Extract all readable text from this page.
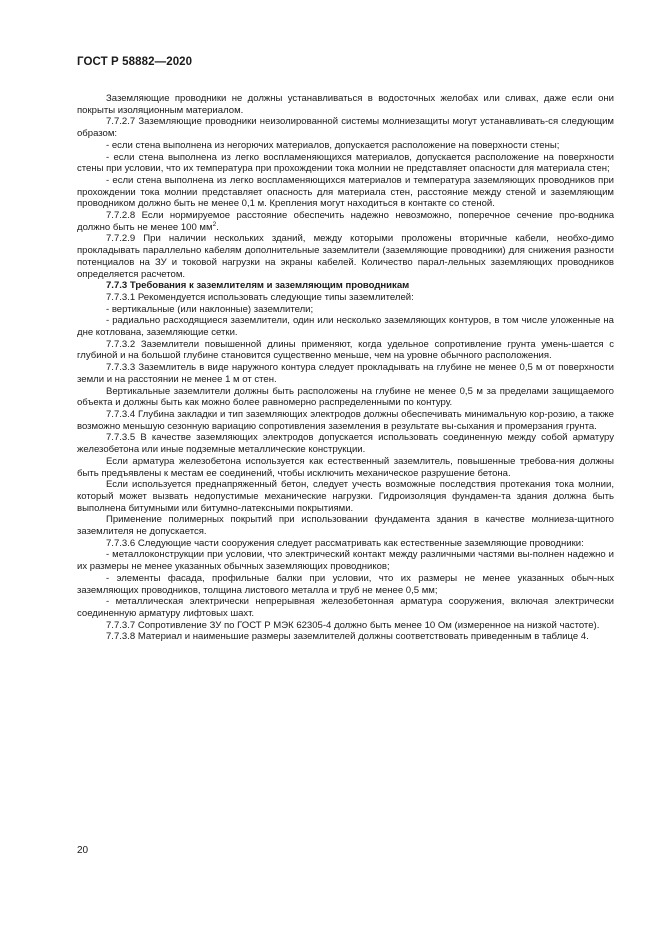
ГОСТ Р 58882—2020

Заземляющие проводники не должны устанавливаться в водосточных желобах или сливах, даже если они покрыты изоляционным материалом.

7.7.2.7 Заземляющие проводники неизолированной системы молниезащиты могут устанавливать-ся следующим образом:

- если стена выполнена из негорючих материалов, допускается расположение на поверхности стены;

- если стена выполнена из легко воспламеняющихся материалов, допускается расположение на поверхности стены при условии, что их температура при прохождении тока молнии не представляет опасности для материала стен;

- если стена выполнена из легко воспламеняющихся материалов и температура заземляющих проводников при прохождении тока молнии представляет опасность для материала стен, расстояние между стеной и заземляющим проводником должно быть не менее 0,1 м. Крепления могут находиться в контакте со стеной.

7.7.2.8 Если нормируемое расстояние обеспечить надежно невозможно, поперечное сечение про-водника должно быть не менее 100 $мм^2$.

7.7.2.9 При наличии нескольких зданий, между которыми проложены вторичные кабели, необхо-димо прокладывать параллельно кабелям дополнительные заземлители (заземляющие проводники) для снижения разности потенциалов на ЗУ и токовой нагрузки на экраны кабелей. Количество парал-лельных заземляющих проводников определяется расчетом.

7.7.3 Требования к заземлителям и заземляющим проводникам

7.7.3.1 Рекомендуется использовать следующие типы заземлителей:

- вертикальные (или наклонные) заземлители;

- радиально расходящиеся заземлители, один или несколько заземляющих контуров, в том числе уложенные на дне котлована, заземляющие сетки.

7.7.3.2 Заземлители повышенной длины применяют, когда удельное сопротивление грунта умень-шается с глубиной и на большой глубине становится существенно меньше, чем на уровне обычного расположения.

7.7.3.3 Заземлитель в виде наружного контура следует прокладывать на глубине не менее 0,5 м от поверхности земли и на расстоянии не менее 1 м от стен.

Вертикальные заземлители должны быть расположены на глубине не менее 0,5 м за пределами защищаемого объекта и должны быть как можно более равномерно распределенными по контуру.

7.7.3.4 Глубина закладки и тип заземляющих электродов должны обеспечивать минимальную кор-розию, а также возможно меньшую сезонную вариацию сопротивления заземления в результате вы-сыхания и промерзания грунта.

7.7.3.5 В качестве заземляющих электродов допускается использовать соединенную между собой арматуру железобетона или иные подземные металлические конструкции.

Если арматура железобетона используется как естественный заземлитель, повышенные требова-ния должны быть предъявлены к местам ее соединений, чтобы исключить механическое разрушение бетона.

Если используется преднапряженный бетон, следует учесть возможные последствия протекания тока молнии, который может вызвать недопустимые механические нагрузки. Гидроизоляция фундамен-та здания должна быть выполнена битумными или битумно-латексными покрытиями.

Применение полимерных покрытий при использовании фундамента здания в качестве молниеза-щитного заземлителя не допускается.

7.7.3.6 Следующие части сооружения следует рассматривать как естественные заземляющие проводники:

- металлоконструкции при условии, что электрический контакт между различными частями вы-полнен надежно и их размеры не менее указанных обычных заземляющих проводников;

- элементы фасада, профильные балки при условии, что их размеры не менее указанных обыч-ных заземляющих проводников, толщина листового металла и труб не менее 0,5 мм;

- металлическая электрически непрерывная железобетонная арматура сооружения, включая электрически соединенную арматуру лифтовых шахт.

7.7.3.7 Сопротивление ЗУ по ГОСТ Р МЭК 62305-4 должно быть менее 10 Ом (измеренное на низкой частоте).

7.7.3.8 Материал и наименьшие размеры заземлителей должны соответствовать приведенным в таблице 4.

20
